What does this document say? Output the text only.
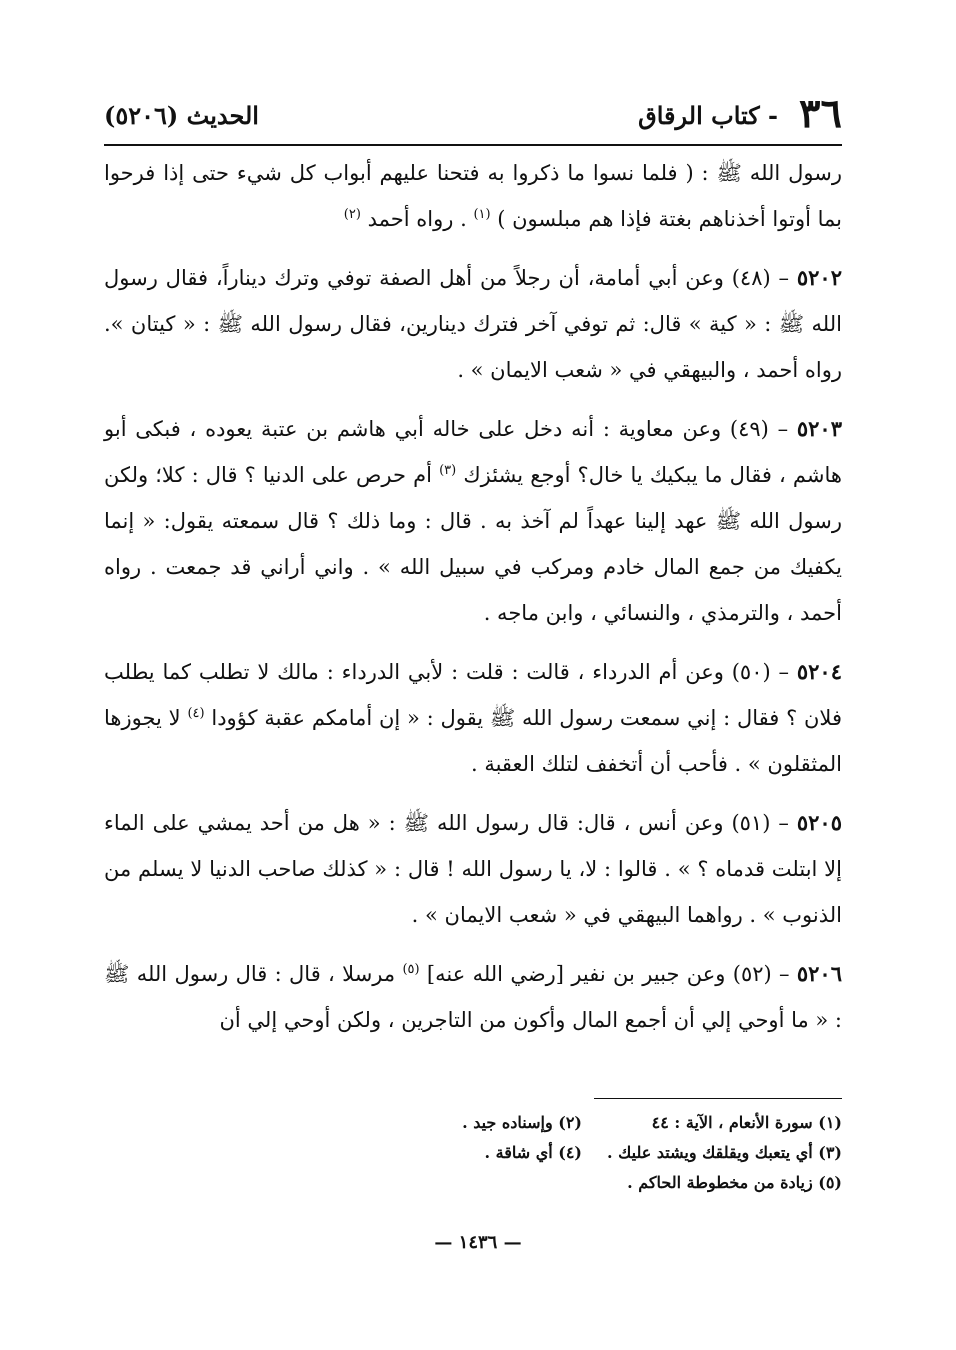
٣٦
- كتاب الرقاق
الحديث (٥٢٠٦)

رسول الله ﷺ : ( فلما نسوا ما ذكروا به فتحنا عليهم أبواب كل شيء حتى إذا فرحوا بما أوتوا أخذناهم بغتة فإذا هم مبلسون ) $^{(١)}$ . رواه أحمد $^{(٢)}$

٥٢٠٢ – (٤٨) وعن أبي أمامة، أن رجلاً من أهل الصفة توفي وترك ديناراً، فقال رسول الله ﷺ : « كية » قال: ثم توفي آخر فترك دينارين، فقال رسول الله ﷺ : « كيتان ». رواه أحمد ، والبيهقي في « شعب الايمان » .

٥٢٠٣ – (٤٩) وعن معاوية : أنه دخل على خاله أبي هاشم بن عتبة يعوده ، فبكى أبو هاشم ، فقال ما يبكيك يا خال؟ أوجع يشئزك $^{(٣)}$ أم حرص على الدنيا ؟ قال : كلا؛ ولكن رسول الله ﷺ عهد إلينا عهداً لم آخذ به . قال : وما ذلك ؟ قال سمعته يقول: « إنما يكفيك من جمع المال خادم ومركب في سبيل الله » . واني أراني قد جمعت . رواه أحمد ، والترمذي ، والنسائي ، وابن ماجه .

٥٢٠٤ – (٥٠) وعن أم الدرداء ، قالت : قلت : لأبي الدرداء : مالك لا تطلب كما يطلب فلان ؟ فقال : إني سمعت رسول الله ﷺ يقول : « إن أمامكم عقبة كؤودا $^{(٤)}$ لا يجوزها المثقلون » . فأحب أن أتخفف لتلك العقبة .

٥٢٠٥ – (٥١) وعن أنس ، قال: قال رسول الله ﷺ : « هل من أحد يمشي على الماء إلا ابتلت قدماه ؟ » . قالوا : لا، يا رسول الله ! قال : « كذلك صاحب الدنيا لا يسلم من الذنوب » . رواهما البيهقي في « شعب الايمان » .

٥٢٠٦ – (٥٢) وعن جبير بن نفير [رضي الله عنه] $^{(٥)}$ مرسلا ، قال : قال رسول الله ﷺ : « ما أوحي إلي أن أجمع المال وأكون من التاجرين ، ولكن أوحي إلي أن

(١) سورة الأنعام ، الآية : ٤٤
(٢) وإسناده جيد .
(٣) أي يتعبك ويقلقك ويشتد عليك .
(٤) أي شاقة .
(٥) زيادة من مخطوطة الحاكم .
— ١٤٣٦ —
